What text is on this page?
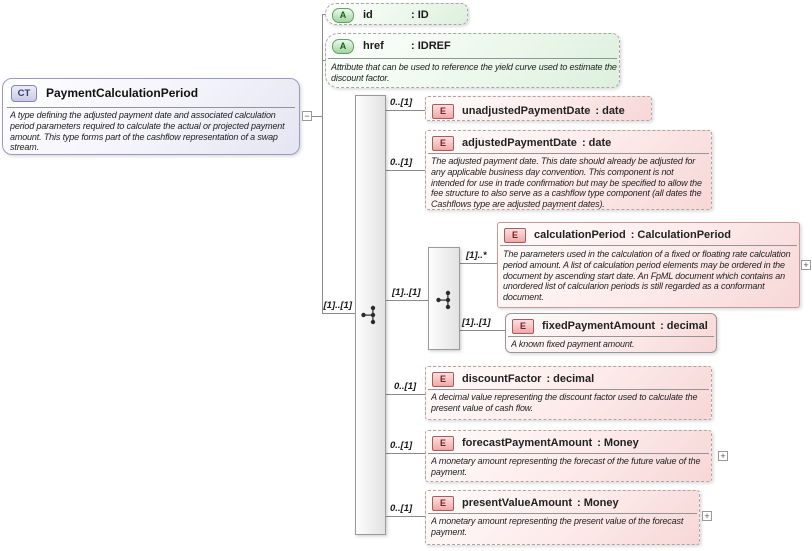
[1]..[1]
0..[1]
0..[1]
[1]..[1]
[1]..*
[1]..[1]
0..[1]
0..[1]
0..[1]
CT	PaymentCalculationPeriod
A type defining the adjusted payment date and associated calculation period parameters required to calculate the actual or projected payment amount. This type forms part of the cashflow representation of a swap stream.
−
A	id	: ID
A	href : IDREF
Attribute that can be used to reference the yield curve used to estimate the discount factor.
E	unadjustedPaymentDate : date
E	adjustedPaymentDate : date
The adjusted payment date. This date should already be adjusted for any applicable business day convention. This component is not intended for use in trade confirmation but may be specified to allow the fee structure to also serve as a cashflow type component (all dates the Cashflows type are adjusted payment dates).
E	calculationPeriod : CalculationPeriod
The parameters used in the calculation of a fixed or floating rate calculation period amount. A list of calculation period elements may be ordered in the document by ascending start date. An FpML document which contains an unordered list of calcularion periods is still regarded as a conformant document.
+
E	fixedPaymentAmount : decimal
A known fixed payment amount.
E	discountFactor : decimal
A decimal value representing the discount factor used to calculate the present value of cash flow.
E	forecastPaymentAmount : Money
A monetary amount representing the forecast of the future value of the payment.
+
E	presentValueAmount : Money
A monetary amount representing the present value of the forecast payment.
+
